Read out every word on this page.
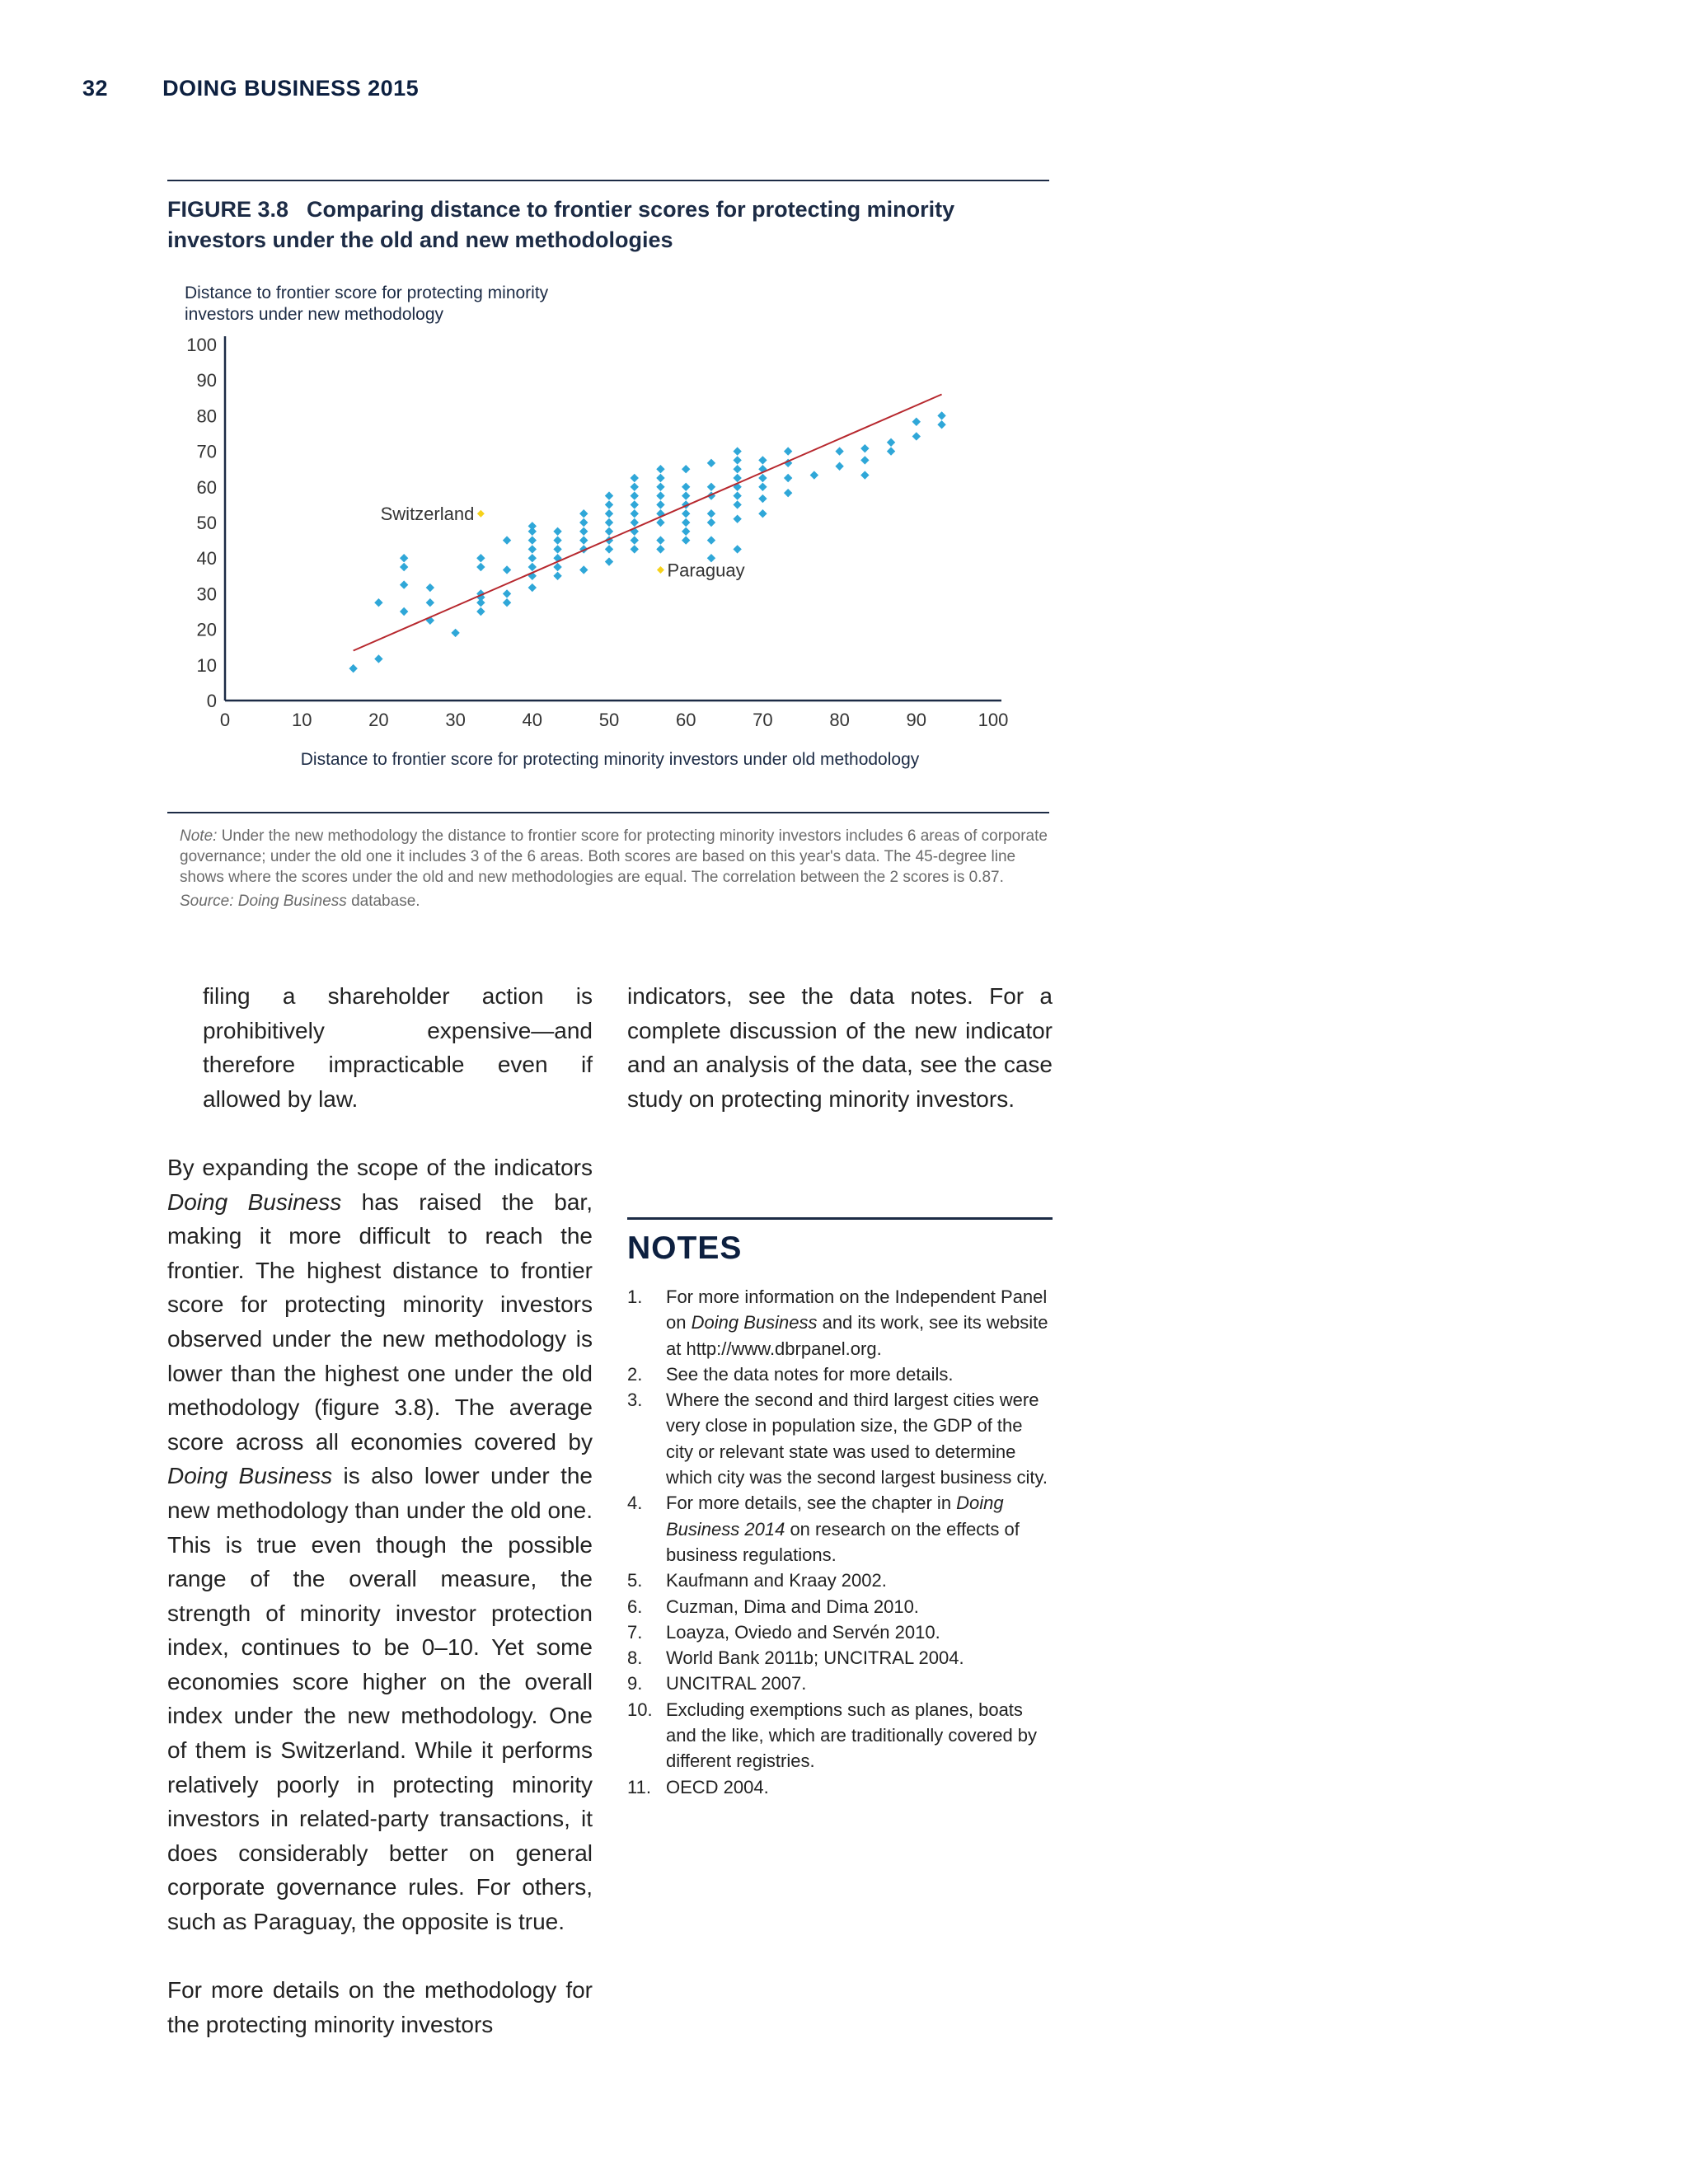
32 DOING BUSINESS 2015
FIGURE 3.8 Comparing distance to frontier scores for protecting minority investors under the old and new methodologies
Distance to frontier score for protecting minority
investors under new methodology
0
10
20
30
40
50
60
70
80
90
100
0	10	20	30	40	50	60	70	80	90	100
Switzerland
Paraguay
Distance to frontier score for protecting minority investors under old methodology

Note: Under the new methodology the distance to frontier score for protecting minority investors includes 6 areas of corporate governance; under the old one it includes 3 of the 6 areas. Both scores are based on this year's data. The 45-degree line shows where the scores under the old and new methodologies are equal. The correlation between the 2 scores is 0.87.

Source: Doing Business database.

filing a shareholder action is prohibitively expensive—and therefore impracticable even if allowed by law.

By expanding the scope of the indicators Doing Business has raised the bar, making it more difficult to reach the frontier. The highest distance to frontier score for protecting minority investors observed under the new methodology is lower than the highest one under the old methodology (figure 3.8). The average score across all economies covered by Doing Business is also lower under the new methodology than under the old one. This is true even though the possible range of the overall measure, the strength of minority investor protection index, continues to be 0–10. Yet some economies score higher on the overall index under the new methodology. One of them is Switzerland. While it performs relatively poorly in protecting minority investors in related-party transactions, it does considerably better on general corporate governance rules. For others, such as Paraguay, the opposite is true.

For more details on the methodology for the protecting minority investors

indicators, see the data notes. For a complete discussion of the new indicator and an analysis of the data, see the case study on protecting minority investors.

NOTES
1.	For more information on the Independent Panel on Doing Business and its work, see its website at http://www.dbrpanel.org.
2.	See the data notes for more details.
3.	Where the second and third largest cities were very close in population size, the GDP of the city or relevant state was used to determine which city was the second largest business city.
4.	For more details, see the chapter in Doing Business 2014 on research on the effects of business regulations.
5.	Kaufmann and Kraay 2002.
6.	Cuzman, Dima and Dima 2010.
7.	Loayza, Oviedo and Servén 2010.
8.	World Bank 2011b; UNCITRAL 2004.
9.	UNCITRAL 2007.
10. Excluding exemptions such as planes, boats and the like, which are traditionally covered by different registries.
11. OECD 2004.
